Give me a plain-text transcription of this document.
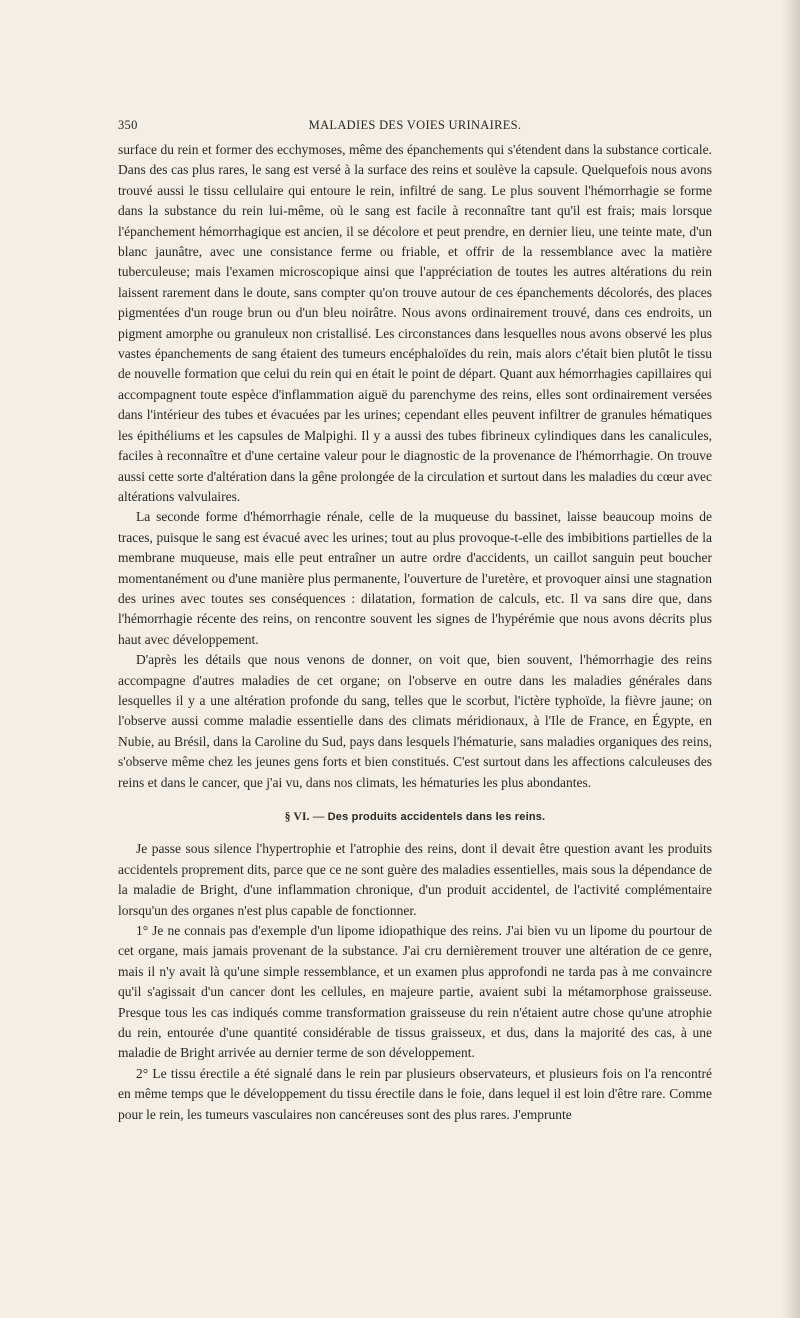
350	MALADIES DES VOIES URINAIRES.

surface du rein et former des ecchymoses, même des épanchements qui s'étendent dans la substance corticale. Dans des cas plus rares, le sang est versé à la surface des reins et soulève la capsule. Quelquefois nous avons trouvé aussi le tissu cellulaire qui entoure le rein, infiltré de sang. Le plus souvent l'hémorrhagie se forme dans la substance du rein lui-même, où le sang est facile à reconnaître tant qu'il est frais; mais lorsque l'épanchement hémorrhagique est ancien, il se décolore et peut prendre, en dernier lieu, une teinte mate, d'un blanc jaunâtre, avec une consistance ferme ou friable, et offrir de la ressemblance avec la matière tuberculeuse; mais l'examen microscopique ainsi que l'appréciation de toutes les autres altérations du rein laissent rarement dans le doute, sans compter qu'on trouve autour de ces épanchements décolorés, des places pigmentées d'un rouge brun ou d'un bleu noirâtre. Nous avons ordinairement trouvé, dans ces endroits, un pigment amorphe ou granuleux non cristallisé. Les circonstances dans lesquelles nous avons observé les plus vastes épanchements de sang étaient des tumeurs encéphaloïdes du rein, mais alors c'était bien plutôt le tissu de nouvelle formation que celui du rein qui en était le point de départ. Quant aux hémorrhagies capillaires qui accompagnent toute espèce d'inflammation aiguë du parenchyme des reins, elles sont ordinairement versées dans l'intérieur des tubes et évacuées par les urines; cependant elles peuvent infiltrer de granules hématiques les épithéliums et les capsules de Malpighi. Il y a aussi des tubes fibrineux cylindiques dans les canalicules, faciles à reconnaître et d'une certaine valeur pour le diagnostic de la provenance de l'hémorrhagie. On trouve aussi cette sorte d'altération dans la gêne prolongée de la circulation et surtout dans les maladies du cœur avec altérations valvulaires.

La seconde forme d'hémorrhagie rénale, celle de la muqueuse du bassinet, laisse beaucoup moins de traces, puisque le sang est évacué avec les urines; tout au plus provoque-t-elle des imbibitions partielles de la membrane muqueuse, mais elle peut entraîner un autre ordre d'accidents, un caillot sanguin peut boucher momentanément ou d'une manière plus permanente, l'ouverture de l'uretère, et provoquer ainsi une stagnation des urines avec toutes ses conséquences : dilatation, formation de calculs, etc. Il va sans dire que, dans l'hémorrhagie récente des reins, on rencontre souvent les signes de l'hypérémie que nous avons décrits plus haut avec développement.

D'après les détails que nous venons de donner, on voit que, bien souvent, l'hémorrhagie des reins accompagne d'autres maladies de cet organe; on l'observe en outre dans les maladies générales dans lesquelles il y a une altération profonde du sang, telles que le scorbut, l'ictère typhoïde, la fièvre jaune; on l'observe aussi comme maladie essentielle dans des climats méridionaux, à l'Ile de France, en Égypte, en Nubie, au Brésil, dans la Caroline du Sud, pays dans lesquels l'hématurie, sans maladies organiques des reins, s'observe même chez les jeunes gens forts et bien constitués. C'est surtout dans les affections calculeuses des reins et dans le cancer, que j'ai vu, dans nos climats, les hématuries les plus abondantes.

§ VI. — Des produits accidentels dans les reins.

Je passe sous silence l'hypertrophie et l'atrophie des reins, dont il devait être question avant les produits accidentels proprement dits, parce que ce ne sont guère des maladies essentielles, mais sous la dépendance de la maladie de Bright, d'une inflammation chronique, d'un produit accidentel, de l'activité complémentaire lorsqu'un des organes n'est plus capable de fonctionner.

1° Je ne connais pas d'exemple d'un lipome idiopathique des reins. J'ai bien vu un lipome du pourtour de cet organe, mais jamais provenant de la substance. J'ai cru dernièrement trouver une altération de ce genre, mais il n'y avait là qu'une simple ressemblance, et un examen plus approfondi ne tarda pas à me convaincre qu'il s'agissait d'un cancer dont les cellules, en majeure partie, avaient subi la métamorphose graisseuse. Presque tous les cas indiqués comme transformation graisseuse du rein n'étaient autre chose qu'une atrophie du rein, entourée d'une quantité considérable de tissus graisseux, et dus, dans la majorité des cas, à une maladie de Bright arrivée au dernier terme de son développement.

2° Le tissu érectile a été signalé dans le rein par plusieurs observateurs, et plusieurs fois on l'a rencontré en même temps que le développement du tissu érectile dans le foie, dans lequel il est loin d'être rare. Comme pour le rein, les tumeurs vasculaires non cancéreuses sont des plus rares. J'emprunte
